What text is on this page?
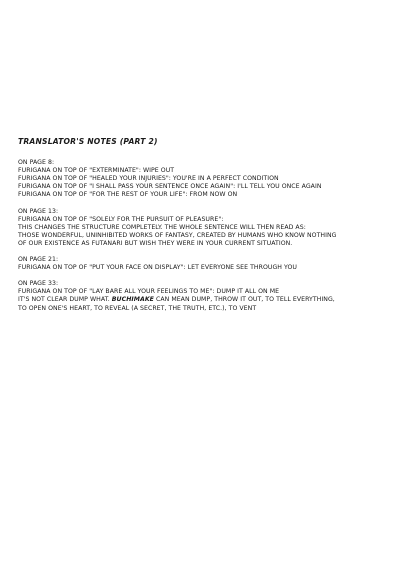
TRANSLATOR'S NOTES (PART 2)
ON PAGE 8:
FURIGANA ON TOP OF "EXTERMINATE": WIPE OUT
FURIGANA ON TOP OF "HEALED YOUR INJURIES": YOU'RE IN A PERFECT CONDITION
FURIGANA ON TOP OF "I SHALL PASS YOUR SENTENCE ONCE AGAIN": I'LL TELL YOU ONCE AGAIN
FURIGANA ON TOP OF "FOR THE REST OF YOUR LIFE": FROM NOW ON
ON PAGE 13:
FURIGANA ON TOP OF "SOLELY FOR THE PURSUIT OF PLEASURE":
THIS CHANGES THE STRUCTURE COMPLETELY. THE WHOLE SENTENCE WILL THEN READ AS:
THOSE WONDERFUL, UNINHIBITED WORKS OF FANTASY, CREATED BY HUMANS WHO KNOW NOTHING
OF OUR EXISTENCE AS FUTANARI BUT WISH THEY WERE IN YOUR CURRENT SITUATION.
ON PAGE 21:
FURIGANA ON TOP OF "PUT YOUR FACE ON DISPLAY": LET EVERYONE SEE THROUGH YOU
ON PAGE 33:
FURIGANA ON TOP OF "LAY BARE ALL YOUR FEELINGS TO ME": DUMP IT ALL ON ME
IT'S NOT CLEAR DUMP WHAT. BUCHIMAKE CAN MEAN DUMP, THROW IT OUT, TO TELL EVERYTHING,
TO OPEN ONE'S HEART, TO REVEAL (A SECRET, THE TRUTH, ETC.), TO VENT
